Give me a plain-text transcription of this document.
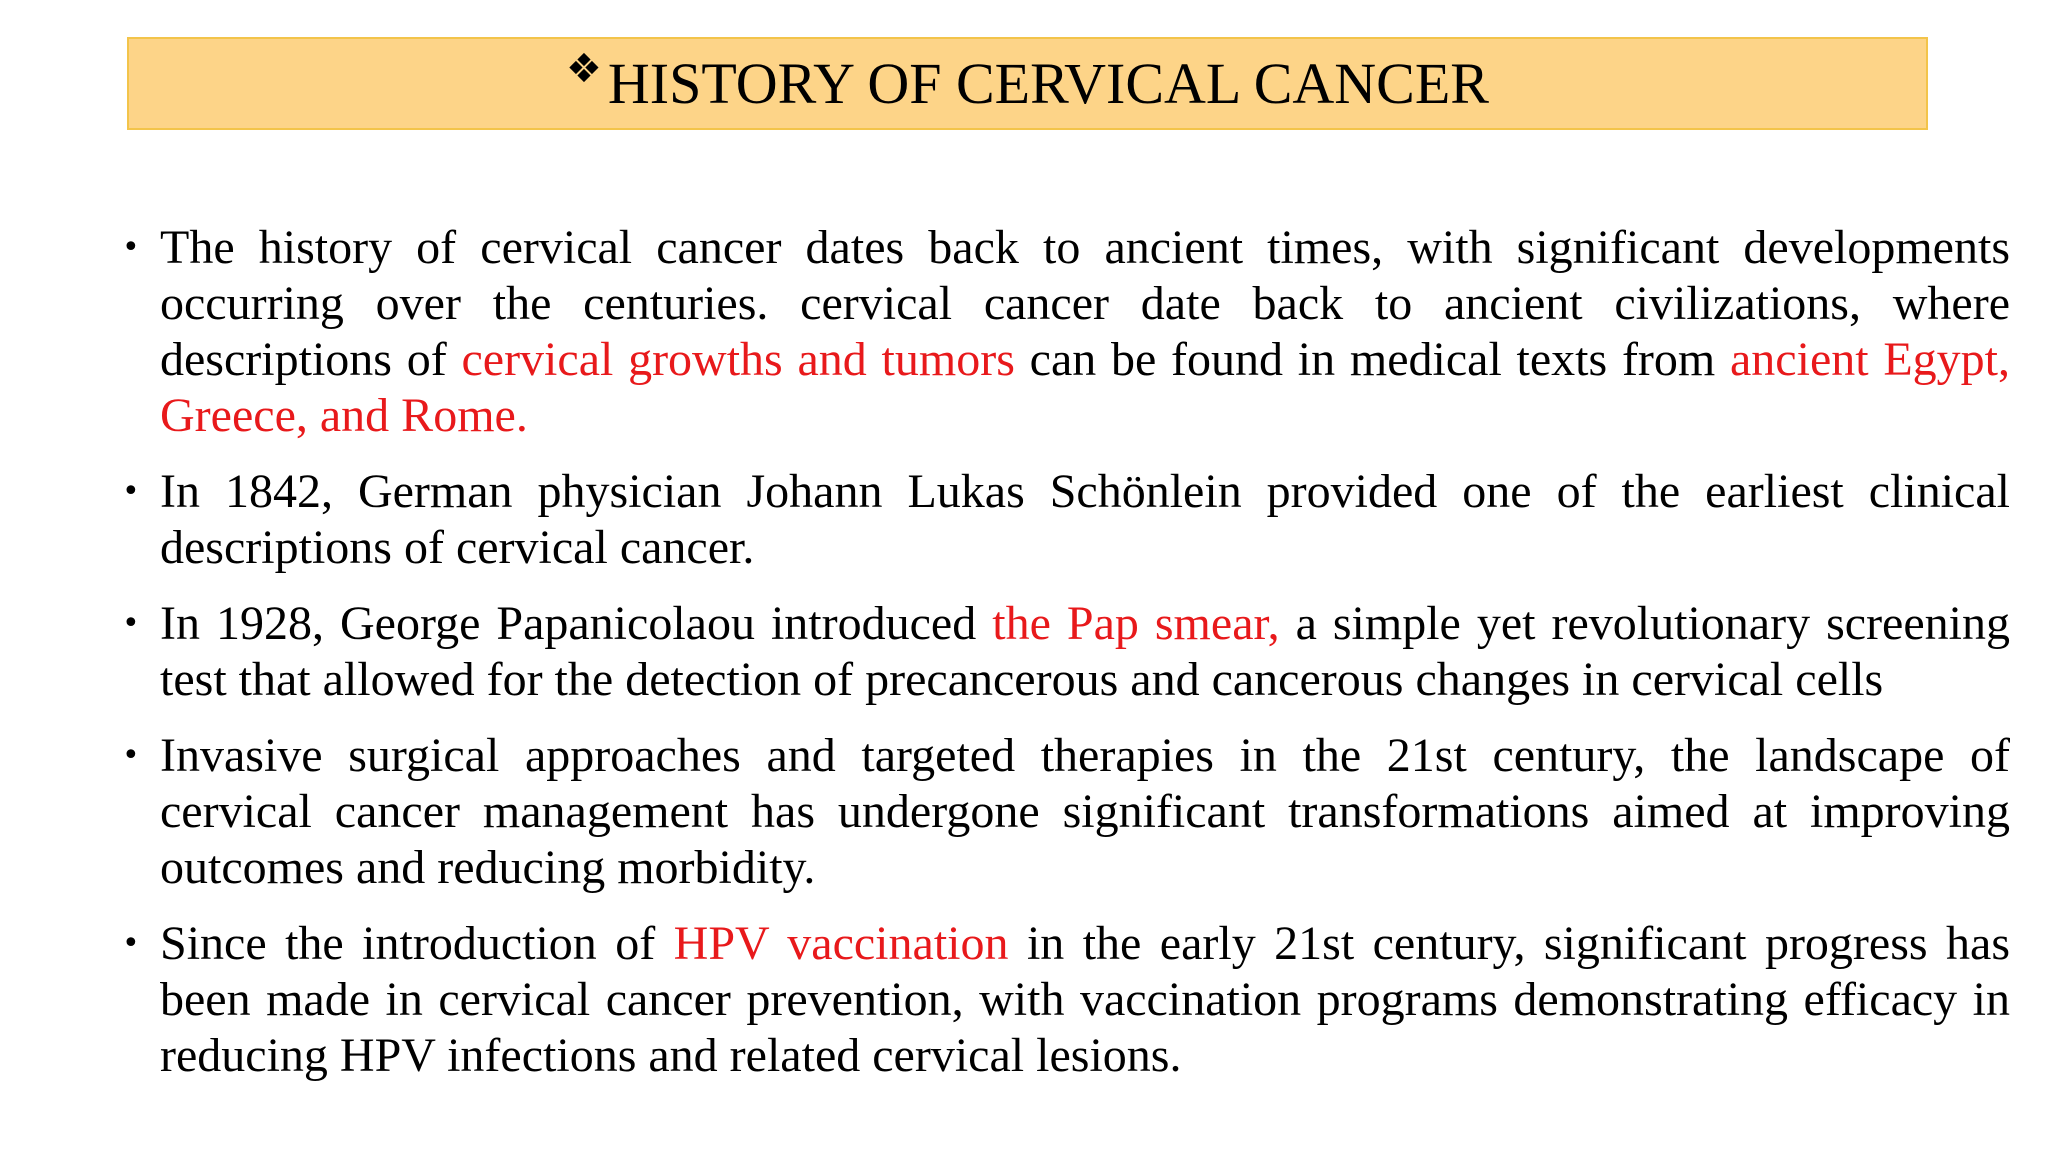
❖ HISTORY OF CERVICAL CANCER
• The history of cervical cancer dates back to ancient times, with significant developments occurring over the centuries. cervical cancer date back to ancient civilizations, where descriptions of cervical growths and tumors can be found in medical texts from ancient Egypt, Greece, and Rome.
• In 1842, German physician Johann Lukas Schönlein provided one of the earliest clinical descriptions of cervical cancer.
• In 1928, George Papanicolaou introduced the Pap smear, a simple yet revolutionary screening test that allowed for the detection of precancerous and cancerous changes in cervical cells
• Invasive surgical approaches and targeted therapies in the 21st century, the landscape of cervical cancer management has undergone significant transformations aimed at improving outcomes and reducing morbidity.
• Since the introduction of HPV vaccination in the early 21st century, significant progress has been made in cervical cancer prevention, with vaccination programs demonstrating efficacy in reducing HPV infections and related cervical lesions.
